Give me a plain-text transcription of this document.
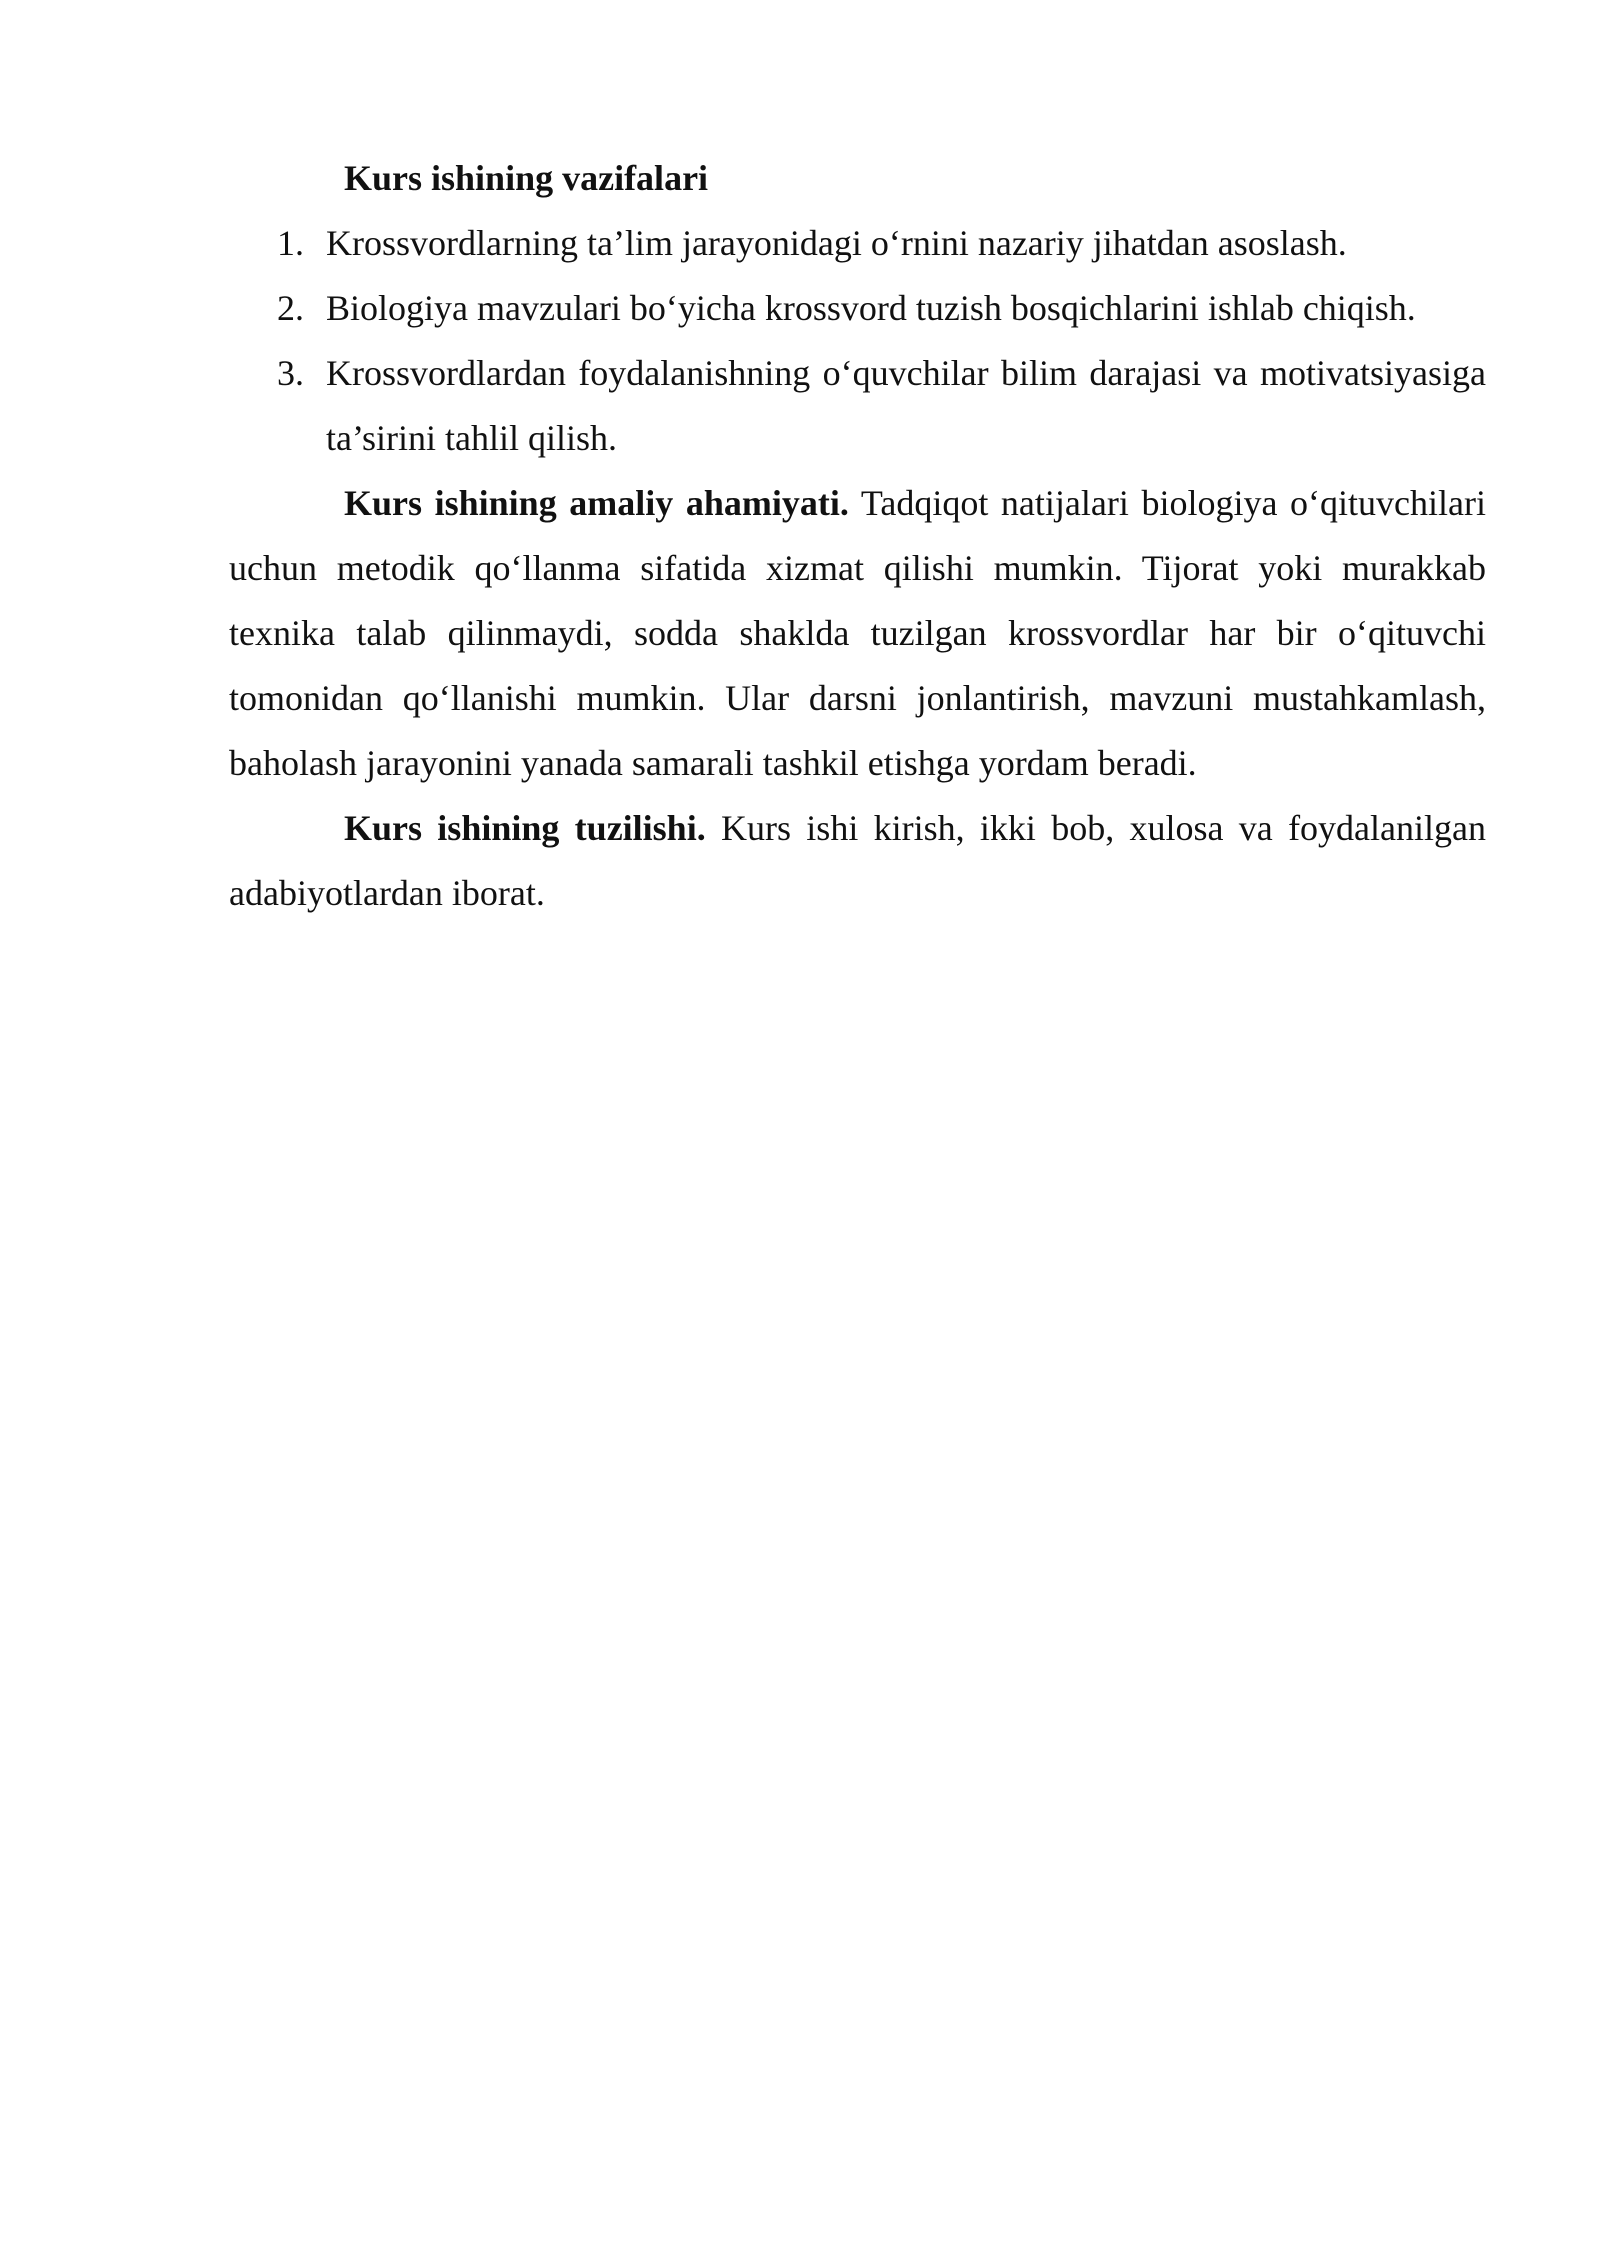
Kurs ishining vazifalari

1. Krossvordlarning ta’lim jarayonidagi o‘rnini nazariy jihatdan asoslash.
2. Biologiya mavzulari bo‘yicha krossvord tuzish bosqichlarini ishlab chiqish.
3. Krossvordlardan foydalanishning o‘quvchilar bilim darajasi va motivatsiyasiga ta’sirini tahlil qilish.

Kurs ishining amaliy ahamiyati. Tadqiqot natijalari biologiya o‘qituvchilari uchun metodik qo‘llanma sifatida xizmat qilishi mumkin. Tijorat yoki murakkab texnika talab qilinmaydi, sodda shaklda tuzilgan krossvordlar har bir o‘qituvchi tomonidan qo‘llanishi mumkin. Ular darsni jonlantirish, mavzuni mustahkamlash, baholash jarayonini yanada samarali tashkil etishga yordam beradi.

Kurs ishining tuzilishi. Kurs ishi kirish, ikki bob, xulosa va foydalanilgan adabiyotlardan iborat.
